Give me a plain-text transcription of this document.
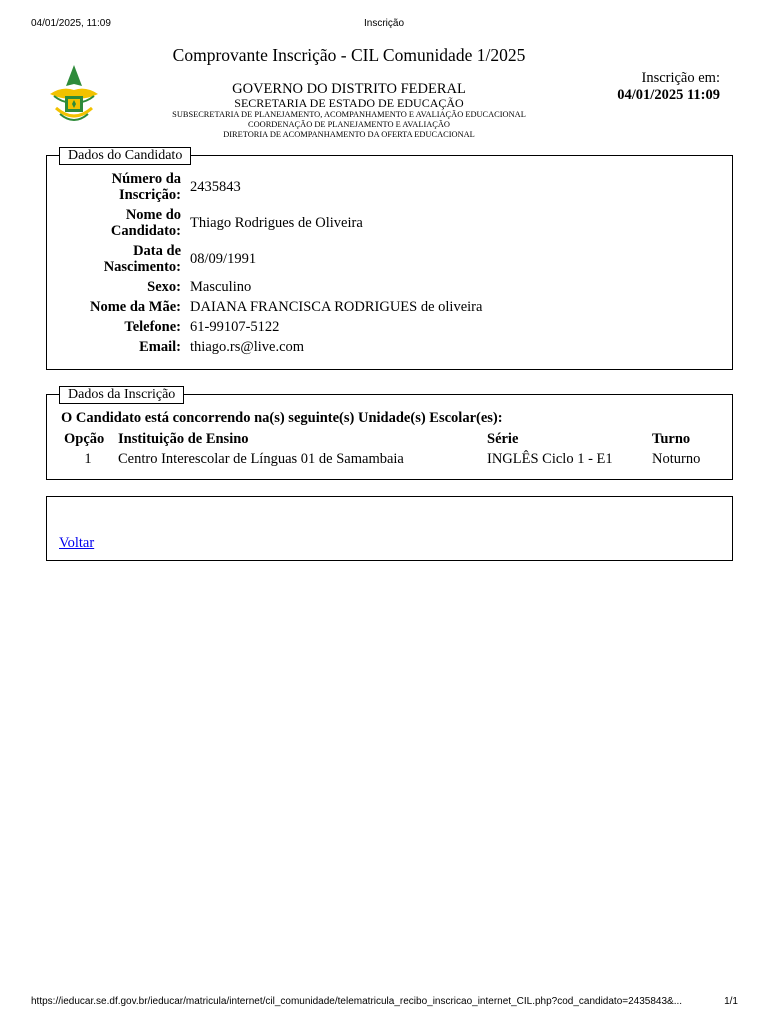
04/01/2025, 11:09	Inscrição
Comprovante Inscrição - CIL Comunidade 1/2025
GOVERNO DO DISTRITO FEDERAL
SECRETARIA DE ESTADO DE EDUCAÇÃO
SUBSECRETARIA DE PLANEJAMENTO, ACOMPANHAMENTO E AVALIAÇÃO EDUCACIONAL
COORDENAÇÃO DE PLANEJAMENTO E AVALIAÇÃO
DIRETORIA DE ACOMPANHAMENTO DA OFERTA EDUCACIONAL
Inscrição em:
04/01/2025 11:09
Dados do Candidato
Número da
Inscrição:	2435843

Nome do
Candidato:	Thiago Rodrigues de Oliveira

Data de
Nascimento:	08/09/1991
Sexo:	Masculino
Nome da Mãe:	DAIANA FRANCISCA RODRIGUES de oliveira
Telefone:	61-99107-5122
Email:	thiago.rs@live.com
Dados da Inscrição
O Candidato está concorrendo na(s) seguinte(s) Unidade(s) Escolar(es):
Opção	Instituição de Ensino	Série	Turno
1	Centro Interescolar de Línguas 01 de Samambaia	INGLÊS Ciclo 1 - E1	Noturno
Voltar
https://ieducar.se.df.gov.br/ieducar/matricula/internet/cil_comunidade/telematricula_recibo_inscricao_internet_CIL.php?cod_candidato=2435843&...	1/1
